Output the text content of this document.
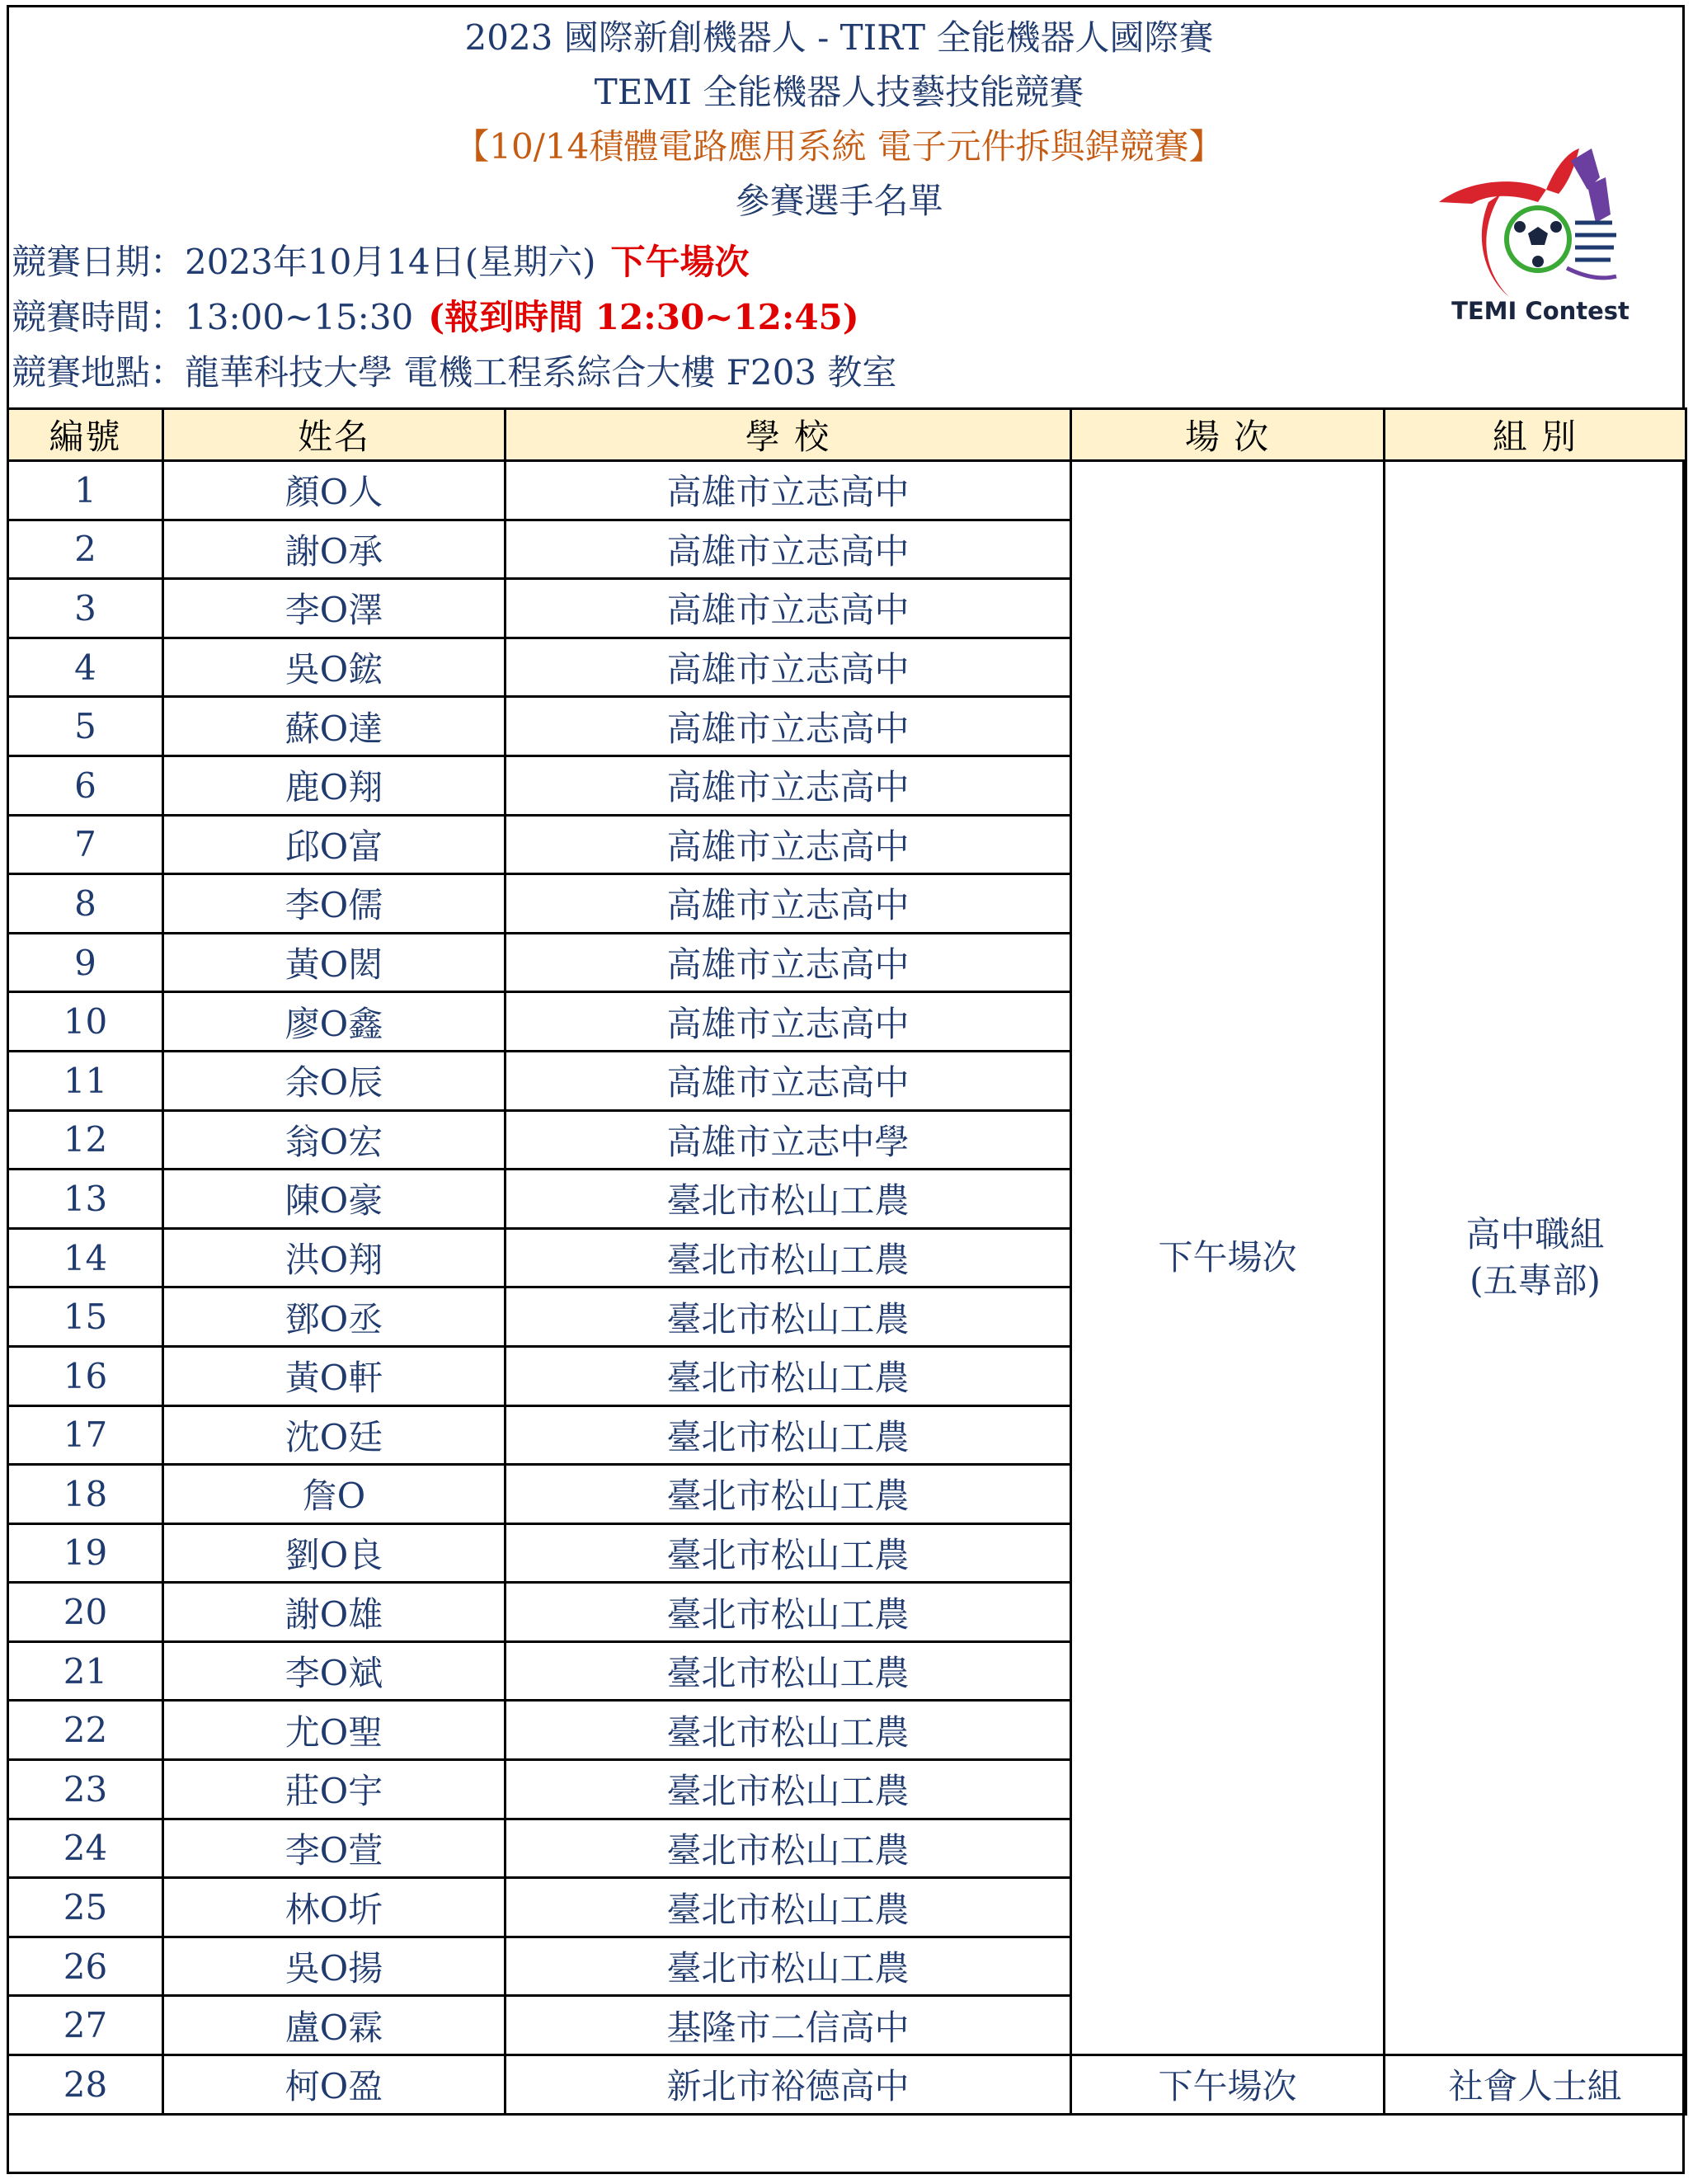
2023 國際新創機器人 - TIRT 全能機器人國際賽
TEMI 全能機器人技藝技能競賽
【10/14積體電路應用系統 電子元件拆與銲競賽】
參賽選手名單
競賽日期：2023年10月14日(星期六) 下午場次
競賽時間：13:00~15:30 (報到時間 12:30~12:45)
競賽地點：龍華科技大學 電機工程系綜合大樓 F203 教室
TEMI Contest
編號	姓名	學 校	場 次	組 別
1	顏O人	高雄市立志高中	下午場次	高中職組
(五專部)

2	謝O承	高雄市立志高中		
3	李O澤	高雄市立志高中		
4	吳O鋐	高雄市立志高中		
5	蘇O達	高雄市立志高中		
6	鹿O翔	高雄市立志高中		
7	邱O富	高雄市立志高中		
8	李O儒	高雄市立志高中		
9	黃O閎	高雄市立志高中		
10	廖O鑫	高雄市立志高中		
11	余O辰	高雄市立志高中		
12	翁O宏	高雄市立志中學		
13	陳O豪	臺北市松山工農		
14	洪O翔	臺北市松山工農		
15	鄧O丞	臺北市松山工農		
16	黃O軒	臺北市松山工農		
17	沈O廷	臺北市松山工農		
18	詹O	臺北市松山工農		
19	劉O良	臺北市松山工農		
20	謝O雄	臺北市松山工農		
21	李O斌	臺北市松山工農		
22	尤O聖	臺北市松山工農		
23	莊O宇	臺北市松山工農		
24	李O萱	臺北市松山工農		
25	林O圻	臺北市松山工農		
26	吳O揚	臺北市松山工農		
27	盧O霖	基隆市二信高中		
28	柯O盈	新北市裕德高中	下午場次	社會人士組
